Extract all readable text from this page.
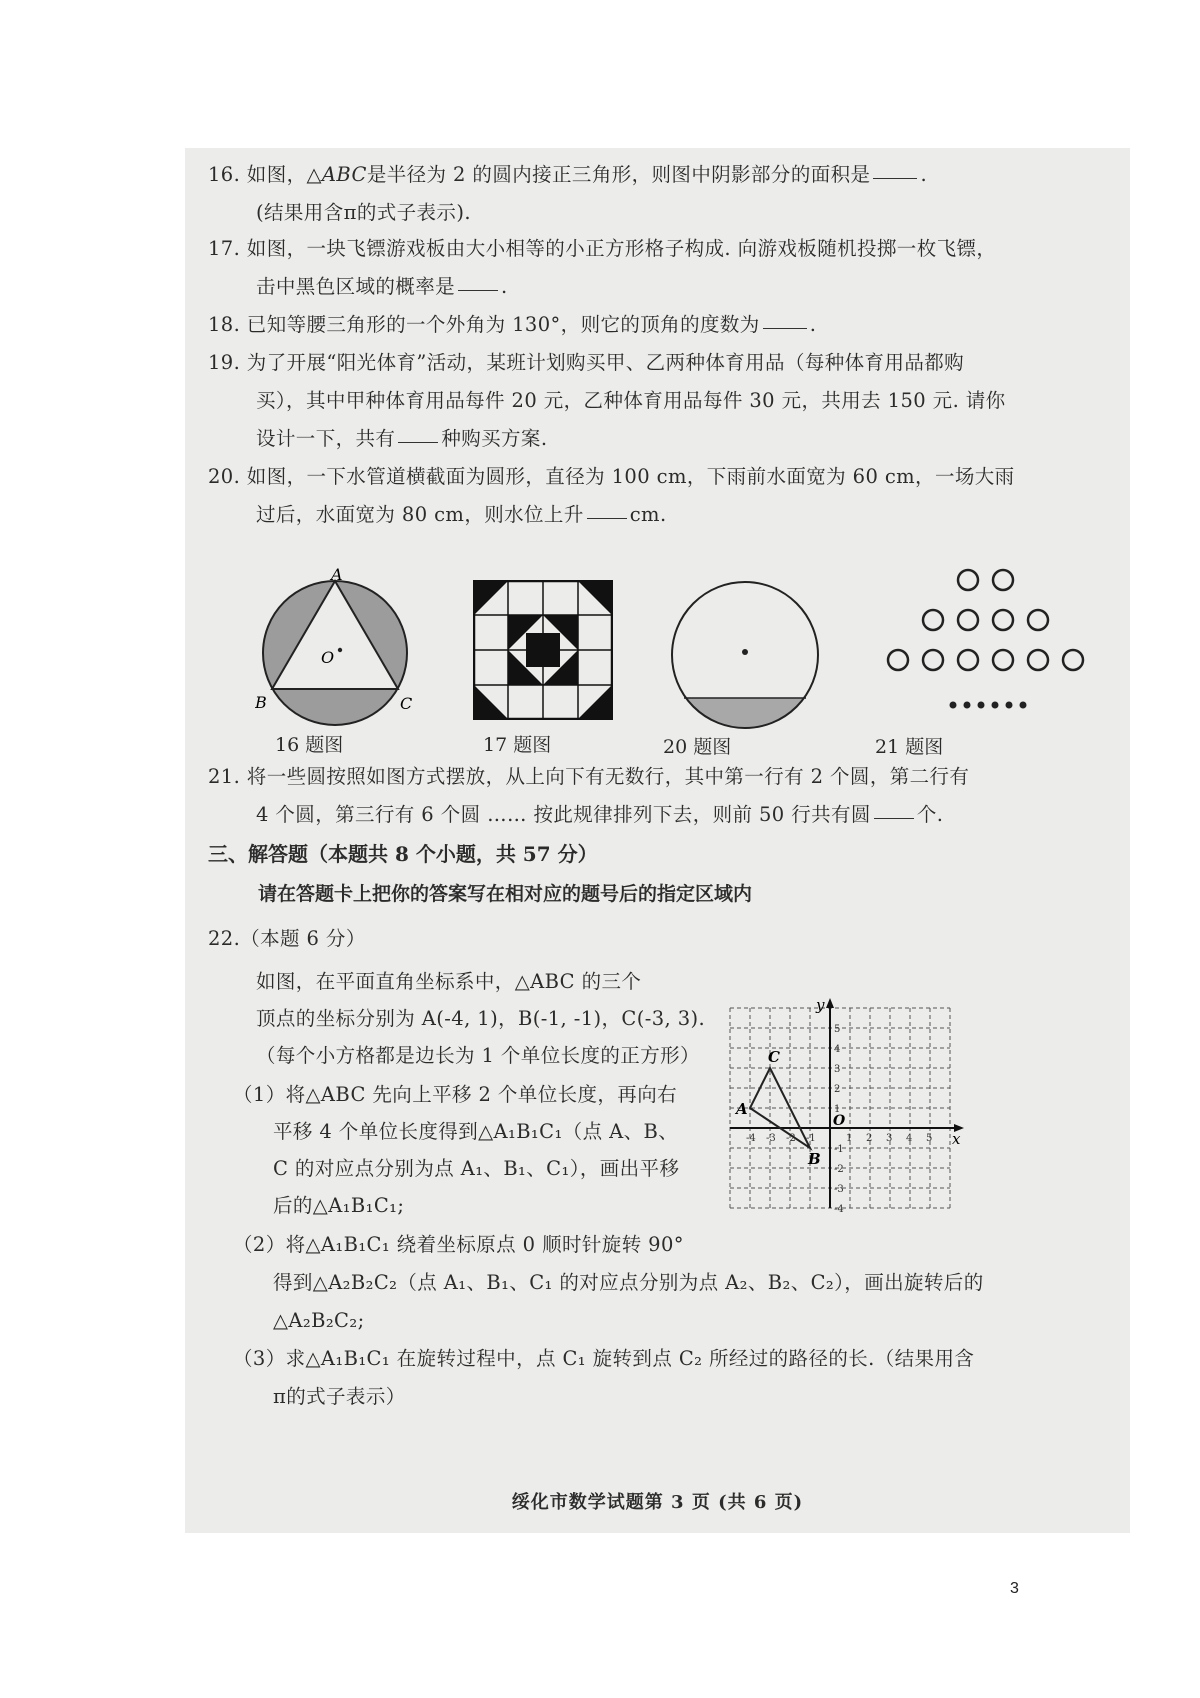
16. 如图，△ABC是半径为 2 的圆内接正三角形，则图中阴影部分的面积是	.
(结果用含π的式子表示).
17. 如图，一块飞镖游戏板由大小相等的小正方形格子构成. 向游戏板随机投掷一枚飞镖，
击中黑色区域的概率是 .
18. 已知等腰三角形的一个外角为 130°，则它的顶角的度数为	.
19. 为了开展“阳光体育”活动，某班计划购买甲、乙两种体育用品（每种体育用品都购
买），其中甲种体育用品每件 20 元，乙种体育用品每件 30 元，共用去 150 元. 请你
设计一下，共有 种购买方案.
20. 如图，一下水管道横截面为圆形，直径为 100 cm，下雨前水面宽为 60 cm，一场大雨
过后，水面宽为 80 cm，则水位上升 cm.
A
B	C
O
16 题图	17 题图	20 题图	21 题图
21. 将一些圆按照如图方式摆放，从上向下有无数行，其中第一行有 2 个圆，第二行有
4 个圆，第三行有 6 个圆 …… 按此规律排列下去，则前 50 行共有圆 个.
三、解答题（本题共 8 个小题，共 57 分）
请在答题卡上把你的答案写在相对应的题号后的指定区域内
22.（本题 6 分）
如图，在平面直角坐标系中，△ABC 的三个
顶点的坐标分别为 A(-4, 1)，B(-1, -1)，C(-3, 3).
（每个小方格都是边长为 1 个单位长度的正方形）
（1）将△ABC 先向上平移 2 个单位长度，再向右
平移 4 个单位长度得到△A₁B₁C₁（点 A、B、
C 的对应点分别为点 A₁、B₁、C₁），画出平移
后的△A₁B₁C₁;
（2）将△A₁B₁C₁ 绕着坐标原点 0 顺时针旋转 90°
得到△A₂B₂C₂（点 A₁、B₁、C₁ 的对应点分别为点 A₂、B₂、C₂），画出旋转后的
△A₂B₂C₂;
（3）求△A₁B₁C₁ 在旋转过程中，点 C₁ 旋转到点 C₂ 所经过的路径的长.（结果用含
π的式子表示）
-4 -3 -2 -1	1 2 3 4 5
5
4
3
2
1
-1
-2
-3
-4
A
B
C
x
y
O
绥化市数学试题第 3 页 (共 6 页)
3
